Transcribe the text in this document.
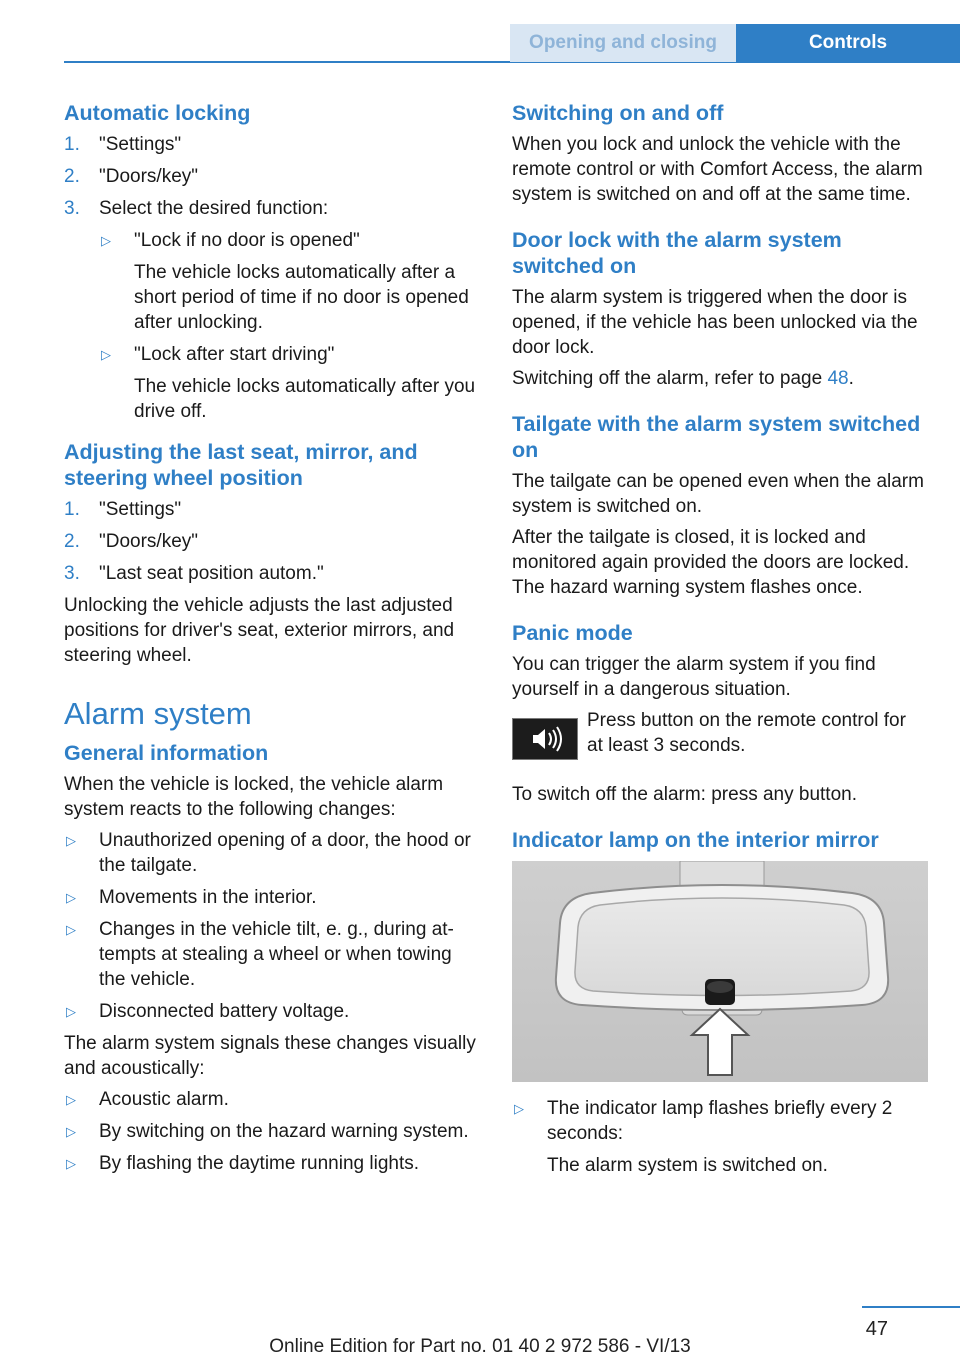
Opening and closing	Controls
Automatic locking
1. "Settings"
2. "Doors/key"
3. Select the desired function:
▷ "Lock if no door is opened"
The vehicle locks automatically after a short period of time if no door is opened after unlocking.
▷ "Lock after start driving"
The vehicle locks automatically after you drive off.
Adjusting the last seat, mirror, and steering wheel position
1. "Settings"
2. "Doors/key"
3. "Last seat position autom."

Unlocking the vehicle adjusts the last adjusted positions for driver's seat, exterior mirrors, and steering wheel.

Alarm system
General information

When the vehicle is locked, the vehicle alarm system reacts to the following changes:

▷ Unauthorized opening of a door, the hood or the tailgate.
▷ Movements in the interior.
▷ Changes in the vehicle tilt, e. g., during attempts at stealing a wheel or when towing the vehicle.
▷ Disconnected battery voltage.

The alarm system signals these changes visually and acoustically:

▷ Acoustic alarm.
▷ By switching on the hazard warning system.
▷ By flashing the daytime running lights.
Switching on and off

When you lock and unlock the vehicle with the remote control or with Comfort Access, the alarm system is switched on and off at the same time.

Door lock with the alarm system switched on

The alarm system is triggered when the door is opened, if the vehicle has been unlocked via the door lock.

Switching off the alarm, refer to page 48.

Tailgate with the alarm system switched on

The tailgate can be opened even when the alarm system is switched on.

After the tailgate is closed, it is locked and monitored again provided the doors are locked. The hazard warning system flashes once.

Panic mode

You can trigger the alarm system if you find yourself in a dangerous situation.

Press button on the remote control for at least 3 seconds.

To switch off the alarm: press any button.

Indicator lamp on the interior mirror
▷ The indicator lamp flashes briefly every 2 seconds:
The alarm system is switched on.
47
Online Edition for Part no. 01 40 2 972 586 - VI/13
